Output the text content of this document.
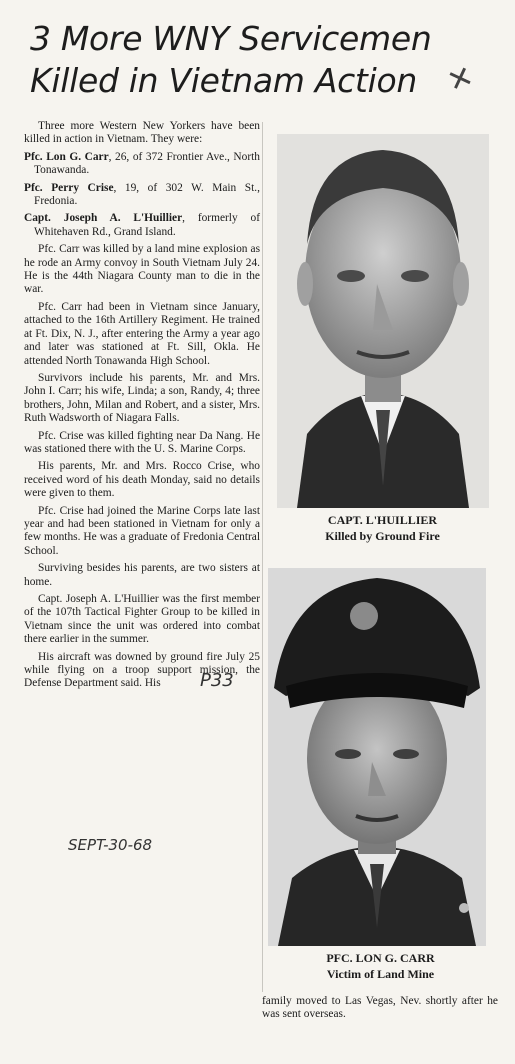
3 More WNY Servicemen Killed in Vietnam Action ✕

Three more Western New Yorkers have been killed in action in Vietnam. They were:

Pfc. Lon G. Carr, 26, of 372 Frontier Ave., North Tonawanda.

Pfc. Perry Crise, 19, of 302 W. Main St., Fredonia.

Capt. Joseph A. L'Huillier, formerly of Whitehaven Rd., Grand Island.

Pfc. Carr was killed by a land mine explosion as he rode an Army convoy in South Vietnam July 24. He is the 44th Niagara County man to die in the war.

Pfc. Carr had been in Vietnam since January, attached to the 16th Artillery Regiment. He trained at Ft. Dix, N. J., after entering the Army a year ago and later was stationed at Ft. Sill, Okla. He attended North Tonawanda High School.

Survivors include his parents, Mr. and Mrs. John I. Carr; his wife, Linda; a son, Randy, 4; three brothers, John, Milan and Robert, and a sister, Mrs. Ruth Wadsworth of Niagara Falls.

Pfc. Crise was killed fighting near Da Nang. He was stationed there with the U. S. Marine Corps.

His parents, Mr. and Mrs. Rocco Crise, who received word of his death Monday, said no details were given to them.

Pfc. Crise had joined the Marine Corps late last year and had been stationed in Vietnam for only a few months. He was a graduate of Fredonia Central School.

Surviving besides his parents, are two sisters at home.

Capt. Joseph A. L'Huillier was the first member of the 107th Tactical Fighter Group to be killed in Vietnam since the unit was ordered into combat there earlier in the summer.

His aircraft was downed by ground fire July 25 while flying on a troop support mission, the Defense Department said. His	P33
SEPT-30-68
CAPT. L'HUILLIER
Killed by Ground Fire
PFC. LON G. CARR
Victim of Land Mine
family moved to Las Vegas, Nev. shortly after he was sent overseas.
